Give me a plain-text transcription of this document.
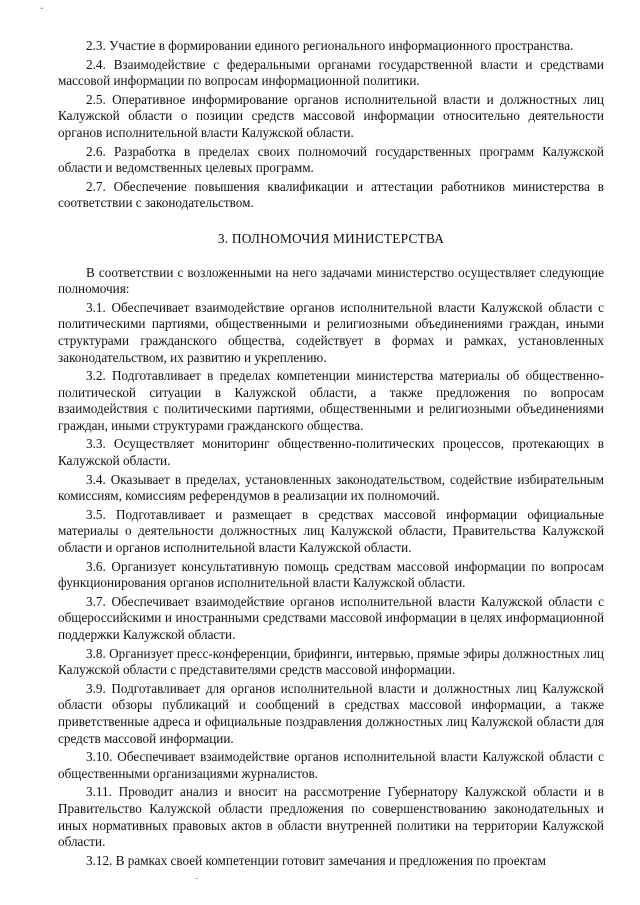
ˇ

2.3. Участие в формировании единого регионального информационного пространства.

2.4. Взаимодействие с федеральными органами государственной власти и средствами массовой информации по вопросам информационной политики.

2.5. Оперативное информирование органов исполнительной власти и должностных лиц Калужской области о позиции средств массовой информации относительно деятельности органов исполнительной власти Калужской области.

2.6. Разработка в пределах своих полномочий государственных программ Калужской области и ведомственных целевых программ.

2.7. Обеспечение повышения квалификации и аттестации работников министерства в соответствии с законодательством.

3. ПОЛНОМОЧИЯ МИНИСТЕРСТВА

В соответствии с возложенными на него задачами министерство осуществляет следующие полномочия:

3.1. Обеспечивает взаимодействие органов исполнительной власти Калужской области с политическими партиями, общественными и религиозными объединениями граждан, иными структурами гражданского общества, содействует в формах и рамках, установленных законодательством, их развитию и укреплению.

3.2. Подготавливает в пределах компетенции министерства материалы об общественно-политической ситуации в Калужской области, а также предложения по вопросам взаимодействия с политическими партиями, общественными и религиозными объединениями граждан, иными структурами гражданского общества.

3.3. Осуществляет мониторинг общественно-политических процессов, протекающих в Калужской области.

3.4. Оказывает в пределах, установленных законодательством, содействие избирательным комиссиям, комиссиям референдумов в реализации их полномочий.

3.5. Подготавливает и размещает в средствах массовой информации официальные материалы о деятельности должностных лиц Калужской области, Правительства Калужской области и органов исполнительной власти Калужской области.

3.6. Организует консультативную помощь средствам массовой информации по вопросам функционирования органов исполнительной власти Калужской области.

3.7. Обеспечивает взаимодействие органов исполнительной власти Калужской области с общероссийскими и иностранными средствами массовой информации в целях информационной поддержки Калужской области.

3.8. Организует пресс-конференции, брифинги, интервью, прямые эфиры должностных лиц Калужской области с представителями средств массовой информации.

3.9. Подготавливает для органов исполнительной власти и должностных лиц Калужской области обзоры публикаций и сообщений в средствах массовой информации, а также приветственные адреса и официальные поздравления должностных лиц Калужской области для средств массовой информации.

3.10. Обеспечивает взаимодействие органов исполнительной власти Калужской области с общественными организациями журналистов.

3.11. Проводит анализ и вносит на рассмотрение Губернатору Калужской области и в Правительство Калужской области предложения по совершенствованию законодательных и иных нормативных правовых актов в области внутренней политики на территории Калужской области.

3.12. В рамках своей компетенции готовит замечания и предложения по проектам

˜
